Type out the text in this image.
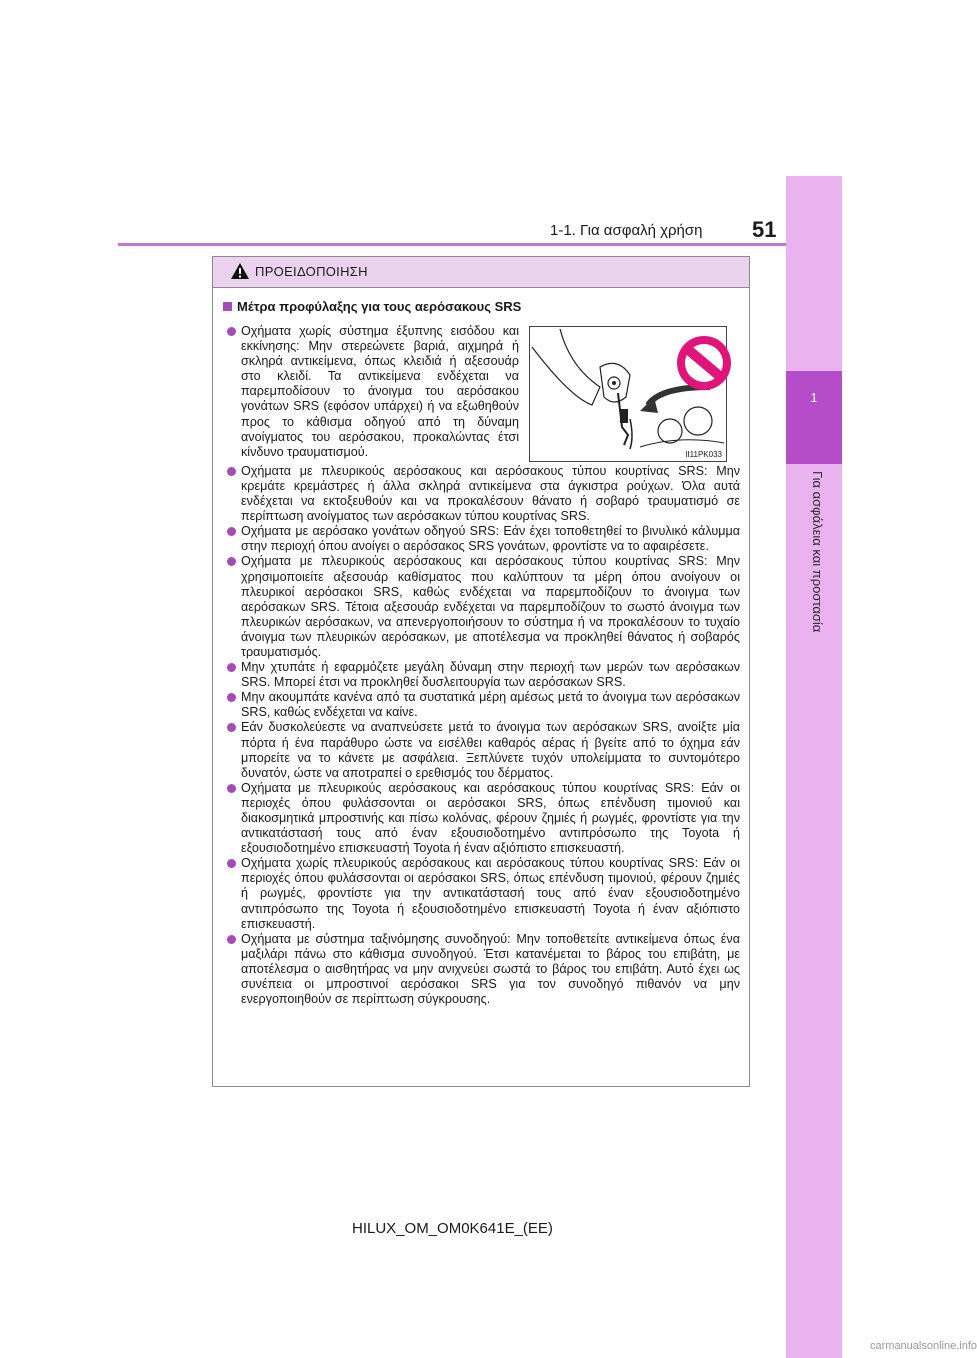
1
Για ασφάλεια και προστασία
1-1. Για ασφαλή χρήση 51
ΠΡΟΕΙΔΟΠΟΙΗΣΗ
Μέτρα προφύλαξης για τους αερόσακους SRS
II11PK033
Οχήματα χωρίς σύστημα έξυπνης εισόδου και εκκίνησης: Μην στερεώνετε βαριά, αιχμηρά ή σκληρά αντικείμενα, όπως κλειδιά ή αξεσουάρ στο κλειδί. Τα αντικείμενα ενδέχεται να παρεμποδίσουν το άνοιγμα του αερόσακου γονάτων SRS (εφόσον υπάρχει) ή να εξωθηθούν προς το κάθισμα οδηγού από τη δύναμη ανοίγματος του αερόσακου, προκαλώντας έτσι κίνδυνο τραυματισμού.
Οχήματα με πλευρικούς αερόσακους και αερόσακους τύπου κουρτίνας SRS: Μην κρεμάτε κρεμάστρες ή άλλα σκληρά αντικείμενα στα άγκιστρα ρούχων. Όλα αυτά ενδέχεται να εκτοξευθούν και να προκαλέσουν θάνατο ή σοβαρό τραυματισμό σε περίπτωση ανοίγματος των αερόσακων τύπου κουρτίνας SRS.
Οχήματα με αερόσακο γονάτων οδηγού SRS: Εάν έχει τοποθετηθεί το βινυλικό κάλυμμα στην περιοχή όπου ανοίγει ο αερόσακος SRS γονάτων, φροντίστε να το αφαιρέσετε.
Οχήματα με πλευρικούς αερόσακους και αερόσακους τύπου κουρτίνας SRS: Μην χρησιμοποιείτε αξεσουάρ καθίσματος που καλύπτουν τα μέρη όπου ανοίγουν οι πλευρικοί αερόσακοι SRS, καθώς ενδέχεται να παρεμποδίζουν το άνοιγμα των αερόσακων SRS. Τέτοια αξεσουάρ ενδέχεται να παρεμποδίζουν το σωστό άνοιγμα των πλευρικών αερόσακων, να απενεργοποιήσουν το σύστημα ή να προκαλέσουν το τυχαίο άνοιγμα των πλευρικών αερόσακων, με αποτέλεσμα να προκληθεί θάνατος ή σοβαρός τραυματισμός.
Μην χτυπάτε ή εφαρμόζετε μεγάλη δύναμη στην περιοχή των μερών των αερόσακων SRS. Μπορεί έτσι να προκληθεί δυσλειτουργία των αερόσακων SRS.
Μην ακουμπάτε κανένα από τα συστατικά μέρη αμέσως μετά το άνοιγμα των αερόσακων SRS, καθώς ενδέχεται να καίνε.
Εάν δυσκολεύεστε να αναπνεύσετε μετά το άνοιγμα των αερόσακων SRS, ανοίξτε μία πόρτα ή ένα παράθυρο ώστε να εισέλθει καθαρός αέρας ή βγείτε από το όχημα εάν μπορείτε να το κάνετε με ασφάλεια. Ξεπλύνετε τυχόν υπολείμματα το συντομότερο δυνατόν, ώστε να αποτραπεί ο ερεθισμός του δέρματος.
Οχήματα με πλευρικούς αερόσακους και αερόσακους τύπου κουρτίνας SRS: Εάν οι περιοχές όπου φυλάσσονται οι αερόσακοι SRS, όπως επένδυση τιμονιού και διακοσμητικά μπροστινής και πίσω κολόνας, φέρουν ζημιές ή ρωγμές, φροντίστε για την αντικατάστασή τους από έναν εξουσιοδοτημένο αντιπρόσωπο της Toyota ή εξουσιοδοτημένο επισκευαστή Toyota ή έναν αξιόπιστο επισκευαστή.
Οχήματα χωρίς πλευρικούς αερόσακους και αερόσακους τύπου κουρτίνας SRS: Εάν οι περιοχές όπου φυλάσσονται οι αερόσακοι SRS, όπως επένδυση τιμονιού, φέρουν ζημιές ή ρωγμές, φροντίστε για την αντικατάστασή τους από έναν εξουσιοδοτημένο αντιπρόσωπο της Toyota ή εξουσιοδοτημένο επισκευαστή Toyota ή έναν αξιόπιστο επισκευαστή.
Οχήματα με σύστημα ταξινόμησης συνοδηγού: Μην τοποθετείτε αντικείμενα όπως ένα μαξιλάρι πάνω στο κάθισμα συνοδηγού. Έτσι κατανέμεται το βάρος του επιβάτη, με αποτέλεσμα ο αισθητήρας να μην ανιχνεύει σωστά το βάρος του επιβάτη. Αυτό έχει ως συνέπεια οι μπροστινοί αερόσακοι SRS για τον συνοδηγό πιθανόν να μην ενεργοποιηθούν σε περίπτωση σύγκρουσης.
HILUX_OM_OM0K641E_(EE)
carmanualsonline.info
